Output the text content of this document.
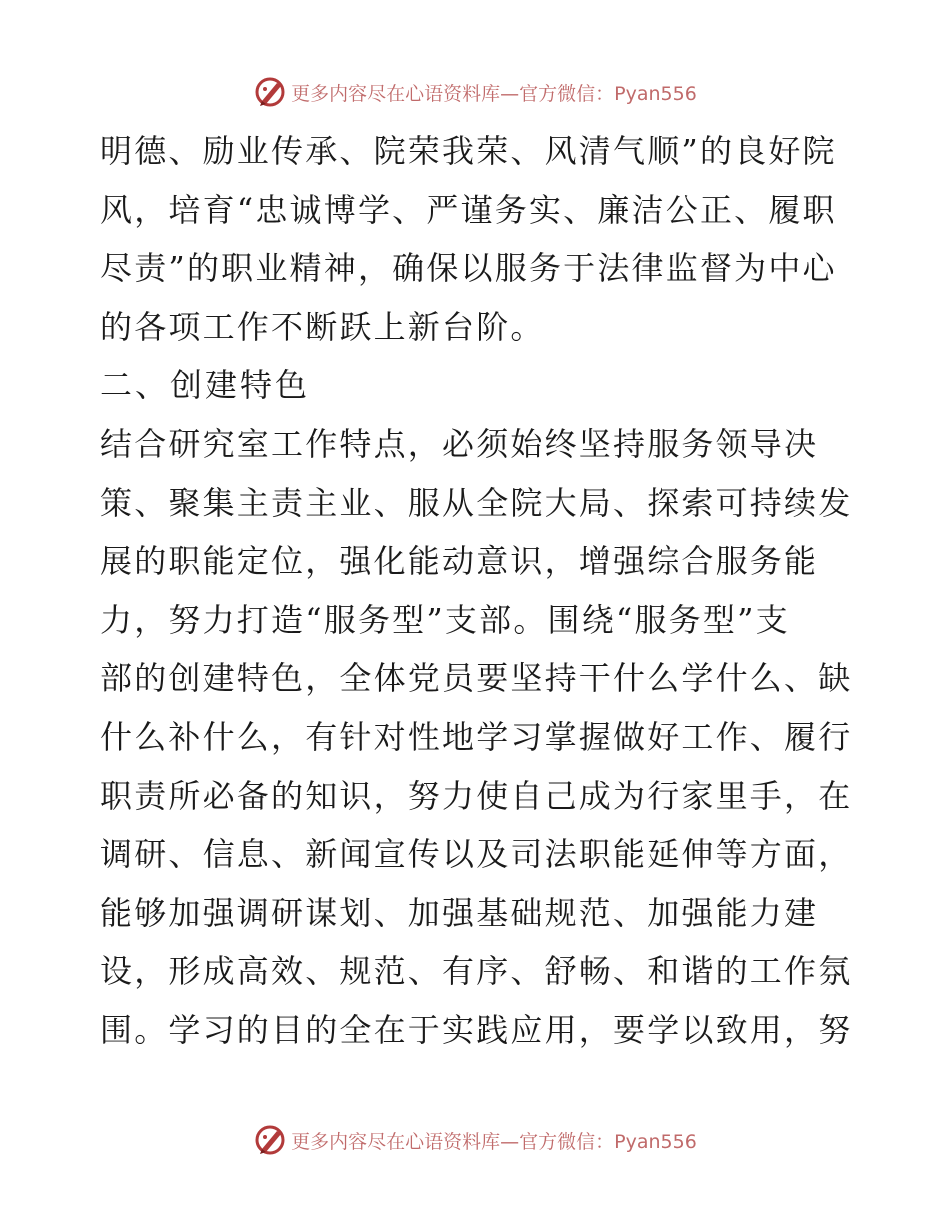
更多内容尽在心语资料库—官方微信：Pyan556
明德、励业传承、院荣我荣、风清气顺”的良好院
风，培育“忠诚博学、严谨务实、廉洁公正、履职
尽责”的职业精神，确保以服务于法律监督为中心
的各项工作不断跃上新台阶。
二、创建特色
结合研究室工作特点，必须始终坚持服务领导决
策、聚集主责主业、服从全院大局、探索可持续发
展的职能定位，强化能动意识，增强综合服务能
力，努力打造“服务型”支部。围绕“服务型”支
部的创建特色，全体党员要坚持干什么学什么、缺
什么补什么，有针对性地学习掌握做好工作、履行
职责所必备的知识，努力使自己成为行家里手，在
调研、信息、新闻宣传以及司法职能延伸等方面，
能够加强调研谋划、加强基础规范、加强能力建
设，形成高效、规范、有序、舒畅、和谐的工作氛
围。学习的目的全在于实践应用，要学以致用，努
更多内容尽在心语资料库—官方微信：Pyan556
